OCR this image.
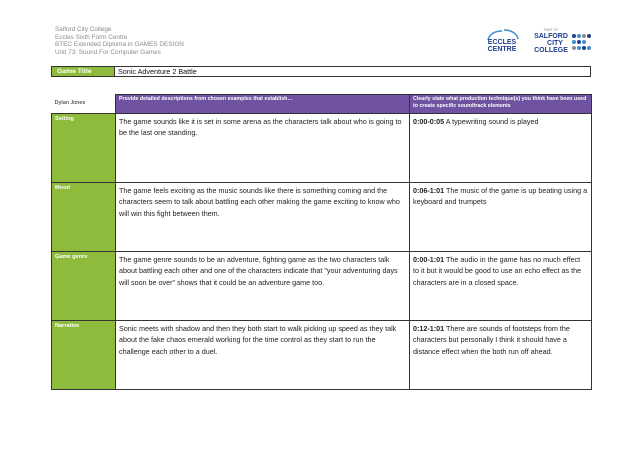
Salford City College
Eccles Sixth Form Centre
BTEC Extended Diploma in GAMES DESIGN
Unit 73: Sound For Computer Games
ECCLES
CENTRE
PART OF
SALFORD
CITY
COLLEGE
Game Title	Sonic Adventure 2 Battle
Dylan Jones	Provide detailed descriptions from chosen examples that establish…	Clearly state what production technique(s) you think have been used to create specific soundtrack elements
Setting	The game sounds like it is set in some arena as the characters talk about who is going to be the last one standing.	0:00-0:05 A typewriting sound is played
Mood	The game feels exciting as the music sounds like there is something coming and the characters seem to talk about battling each other making the game exciting to know who will win this fight between them.	0:06-1:01 The music of the game is up beating using a keyboard and trumpets
Game genre	The game genre sounds to be an adventure, fighting game as the two characters talk about battling each other and one of the characters indicate that "your adventuring days will soon be over" shows that it could be an adventure game too.	0:00-1:01 The audio in the game has no much effect to it but it would be good to use an echo effect as the characters are in a closed space.
Narrative	Sonic meets with shadow and then they both start to walk picking up speed as they talk about the fake chaos emerald working for the time control as they start to run the challenge each other to a duel.	0:12-1:01 There are sounds of footsteps from the characters but personally I think it should have a distance effect when the both run off ahead.
